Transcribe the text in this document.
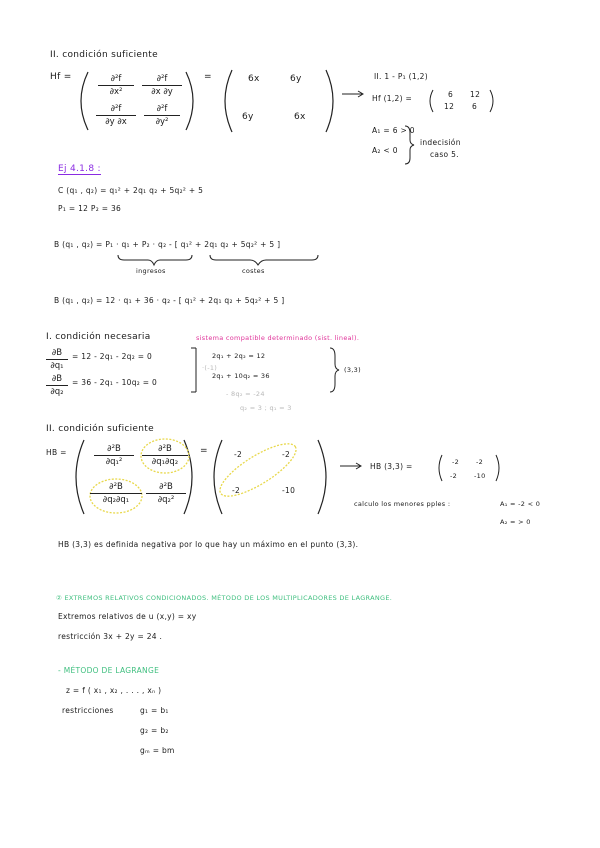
II. condición suficiente
Hf =	$\frac{\text{∂²f}}{\text{∂x²}} \frac{\text{∂²f}}{\partial x \partial y}$
$\frac{\text{∂²f}}{\partial y \partial x} \frac{\text{∂²f}}{\text{∂y²}}$
=	6x	6y
6y	6x
II. 1 - P₁ (1,2)
Hf (1,2) =	6 12
12 6
A₁ = 6 > 0
A₂ < 0
indecisión
caso 5.
Ej 4.1.8 :
C (q₁ , q₂) = q₁² + 2q₁ q₂ + 5q₂² + 5
P₁ = 12 P₂ = 36
B (q₁ , q₂) = P₁ · q₁ + P₂ · q₂ - [ q₁² + 2q₁ q₂ + 5q₂² + 5 ]
ingresos	costes
B (q₁ , q₂) = 12 · q₁ + 36 · q₂ - [ q₁² + 2q₁ q₂ + 5q₂² + 5 ]
I. condición necesaria	sistema compatible determinado (sist. lineal).
$\frac{\partial B}{\text{∂q₁}} = 12 - 2q_1 - 2q_2 = 0$
$\frac{\partial B}{\text{∂q₂}} = 36 - 2q_1 - 10q_2 = 0$
2q₁ + 2q₂ = 12
·(-1)
2q₁ + 10q₂ = 36
- 8q₂ = -24
q₂ = 3 ; q₁ = 3
(3,3)
II. condición suficiente
HB =	$\frac{\text{∂²B}}{\text{∂q₁²}} \frac{\text{∂²B}}{\text{∂q₁∂q₂}}$
$\frac{\text{∂²B}}{\text{∂q₂∂q₁}} \frac{\text{∂²B}}{\text{∂q₂²}}$
=	-2	-2
-2	-10
HB (3,3) =	-2	-2
-2	-10
calculo los menores pples :	A₁ = -2 < 0
A₂ = > 0
HB (3,3) es definida negativa por lo que hay un máximo en el punto (3,3).
② EXTREMOS RELATIVOS CONDICIONADOS. MÉTODO DE LOS MULTIPLICADORES DE LAGRANGE.
Extremos relativos de u (x,y) = xy
restricción 3x + 2y = 24 .
- MÉTODO DE LAGRANGE
z = f ( x₁ , x₂ , . . . , xₙ )
restricciones	g₁ = b₁
g₂ = b₂
gₘ = bm
